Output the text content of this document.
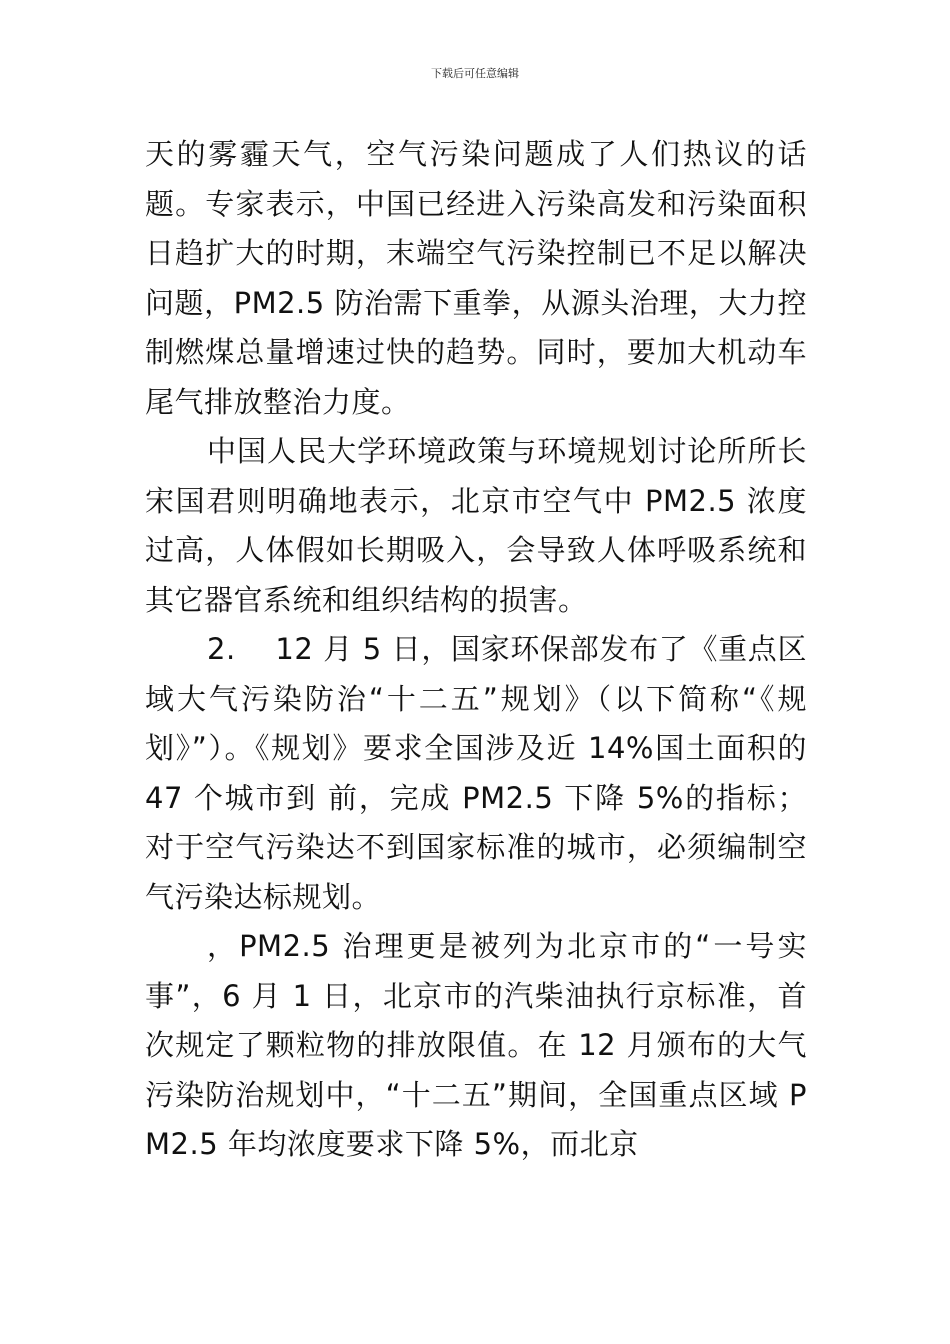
下载后可任意编辑

天的雾霾天气，空气污染问题成了人们热议的话题。专家表示，中国已经进入污染高发和污染面积日趋扩大的时期，末端空气污染控制已不足以解决问题，PM2.5 防治需下重拳，从源头治理，大力控制燃煤总量增速过快的趋势。同时，要加大机动车尾气排放整治力度。

中国人民大学环境政策与环境规划讨论所所长宋国君则明确地表示，北京市空气中 PM2.5 浓度过高，人体假如长期吸入，会导致人体呼吸系统和其它器官系统和组织结构的损害。

2.　 12 月 5 日，国家环保部发布了《重点区域大气污染防治“十二五”规划》（以下简称“《规划》”）。《规划》要求全国涉及近 14%国土面积的 47 个城市到 前，完成 PM2.5 下降 5%的指标；对于空气污染达不到国家标准的城市，必须编制空气污染达标规划。

，PM2.5 治理更是被列为北京市的“一号实事”，6 月 1 日，北京市的汽柴油执行京标准，首次规定了颗粒物的排放限值。在 12 月颁布的大气污染防治规划中，“十二五”期间，全国重点区域 PM2.5 年均浓度要求下降 5%，而北京
